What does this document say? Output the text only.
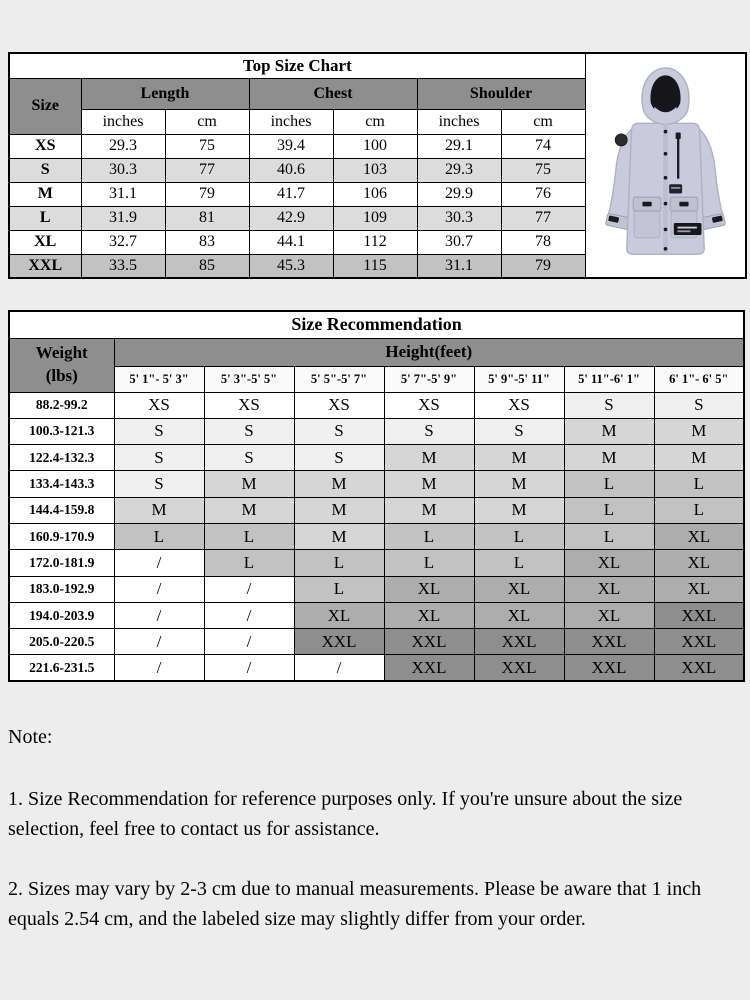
Top Size Chart	
Size	Length		Chest		Shoulder		
	inches	cm	inches	cm	inches	cm	
XS	29.3	75	39.4	100	29.1	74	
S	30.3	77	40.6	103	29.3	75	
M	31.1	79	41.7	106	29.9	76	
L	31.9	81	42.9	109	30.3	77	
XL	32.7	83	44.1	112	30.7	78	
XXL	33.5	85	45.3	115	31.1	79	
Size Recommendation							

Weight
(lbs)	Height(feet)						
	5' 1"- 5' 3"	5' 3"-5' 5"	5' 5"-5' 7"	5' 7"-5' 9"	5' 9"-5' 11"	5' 11"-6' 1"	6' 1"- 6' 5"
88.2-99.2	XS	XS	XS	XS	XS	S	S
100.3-121.3	S	S	S	S	S	M	M
122.4-132.3	S	S	S	M	M	M	M
133.4-143.3	S	M	M	M	M	L	L
144.4-159.8	M	M	M	M	M	L	L
160.9-170.9	L	L	M	L	L	L	XL
172.0-181.9	/	L	L	L	L	XL	XL
183.0-192.9	/	/	L	XL	XL	XL	XL
194.0-203.9	/	/	XL	XL	XL	XL	XXL
205.0-220.5	/	/	XXL	XXL	XXL	XXL	XXL
221.6-231.5	/	/	/	XXL	XXL	XXL	XXL
Note:

1. Size Recommendation for reference purposes only. If you're unsure about the size selection, feel free to contact us for assistance.

2. Sizes may vary by 2-3 cm due to manual measurements. Please be aware that 1 inch equals 2.54 cm, and the labeled size may slightly differ from your order.
